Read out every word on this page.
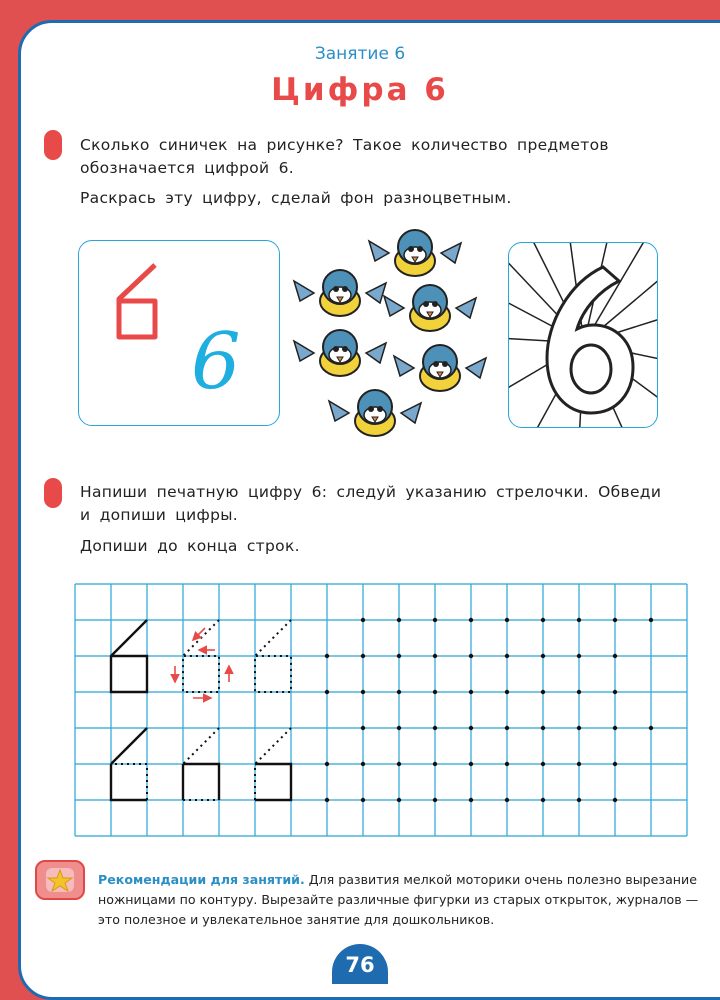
Занятие 6
Цифра 6
Сколько синичек на рисунке? Такое количество предметов
обозначается цифрой 6.
Раскрась эту цифру, сделай фон разноцветным.
6
Напиши печатную цифру 6: следуй указанию стрелочки. Обведи
и допиши цифры.
Допиши до конца строк.
Рекомендации для занятий. Для развития мелкой моторики очень полезно вырезание
ножницами по контуру. Вырезайте различные фигурки из старых открыток, журналов —
это полезное и увлекательное занятие для дошкольников.
76
